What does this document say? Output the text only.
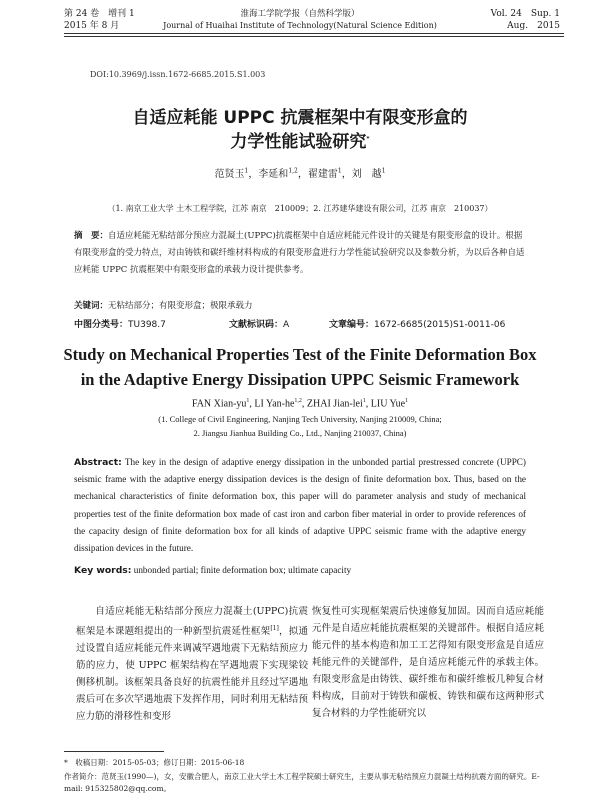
第 24 卷　增刊 1
2015 年 8 月
淮海工学院学报（自然科学版）
Journal of Huaihai Institute of Technology(Natural Science Edition)
Vol. 24　Sup. 1
Aug.　2015
DOI:10.3969/j.issn.1672-6685.2015.S1.003
自适应耗能 UPPC 抗震框架中有限变形盒的
力学性能试验研究*
范贤玉$^1$，李延和$^{1,2}$，翟建雷$^1$，刘　越$^1$
（1. 南京工业大学 土木工程学院，江苏 南京　210009；2. 江苏建华建设有限公司，江苏 南京　210037）
摘　要：自适应耗能无粘结部分预应力混凝土(UPPC)抗震框架中自适应耗能元件设计的关键是有限变形盒的设计。根据有限变形盒的受力特点，对由铸铁和碳纤维材料构成的有限变形盒进行力学性能试验研究以及参数分析，为以后各种自适应耗能 UPPC 抗震框架中有限变形盒的承载力设计提供参考。
关键词：无粘结部分；有限变形盒；极限承载力
中图分类号：TU398.7	文献标识码：A	文章编号：1672-6685(2015)S1-0011-06
Study on Mechanical Properties Test of the Finite Deformation Box
in the Adaptive Energy Dissipation UPPC Seismic Framework
FAN Xian-$yu^1$, LI Yan-he$^{1,2}$, ZHAI Jian-lei$^1$, LIU Yue$^1$
(1. College of Civil Engineering, Nanjing Tech University, Nanjing 210009, China;
2. Jiangsu Jianhua Building Co., Ltd., Nanjing 210037, China)
Abstract: The key in the design of adaptive energy dissipation in the unbonded partial prestressed concrete (UPPC) seismic frame with the adaptive energy dissipation devices is the design of finite deformation box. Thus, based on the mechanical characteristics of finite deformation box, this paper will do parameter analysis and study of mechanical properties test of the finite deformation box made of cast iron and carbon fiber material in order to provide references of the capacity design of finite deformation box for all kinds of adaptive UPPC seismic frame with the adaptive energy dissipation devices in the future.
Key words: unbonded partial; finite deformation box; ultimate capacity
自适应耗能无粘结部分预应力混凝土(UPPC)抗震框架是本课题组提出的一种新型抗震延性框架[1]，拟通过设置自适应耗能元件来调减罕遇地震下无粘结预应力筋的应力，使 UPPC 框架结构在罕遇地震下实现梁铰侧移机制。该框架具备良好的抗震性能并且经过罕遇地震后可在多次罕遇地震下发挥作用，同时利用无粘结预应力筋的滑移性和变形
恢复性可实现框架震后快速修复加固。因而自适应耗能元件是自适应耗能抗震框架的关键部件。根据自适应耗能元件的基本构造和加工工艺得知有限变形盒是自适应耗能元件的关键部件，是自适应耗能元件的承载主体。有限变形盒是由铸铁、碳纤维布和碳纤维板几种复合材料构成，目前对于铸铁和碳板、铸铁和碳布这两种形式复合材料的力学性能研究以
*　收稿日期：2015-05-03；修订日期：2015-06-18
作者简介：范贤玉(1990—)，女，安徽合肥人，南京工业大学土木工程学院硕士研究生，主要从事无粘结预应力混凝土结构抗震方面的研究。E-mail: 915325802@qq.com。
